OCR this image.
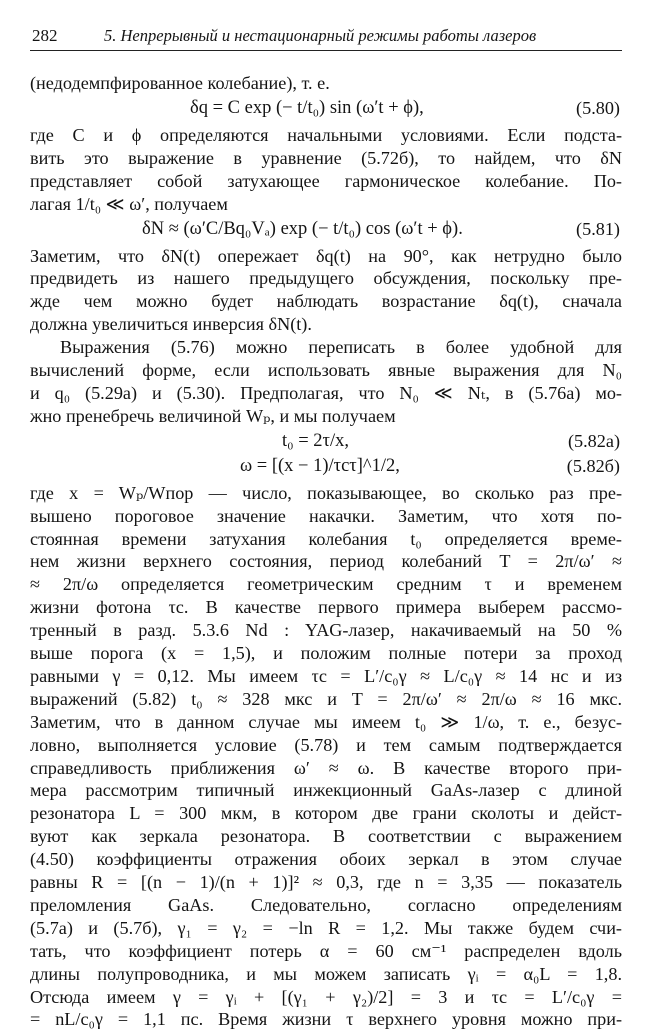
282	5. Непрерывный и нестационарный режимы работы лазеров
(недодемпфированное колебание), т. е.
δq = C exp (− t/t₀) sin (ω′t + ϕ),	(5.80)
где C и ϕ определяются начальными условиями. Если подста-
вить это выражение в уравнение (5.72б), то найдем, что δN
представляет собой затухающее гармоническое колебание. По-
лагая 1/t₀ ≪ ω′, получаем
δN ≈ (ω′C/Bq₀Vₐ) exp (− t/t₀) cos (ω′t + ϕ).	(5.81)
Заметим, что δN(t) опережает δq(t) на 90°, как нетрудно было
предвидеть из нашего предыдущего обсуждения, поскольку пре-
жде чем можно будет наблюдать возрастание δq(t), сначала
должна увеличиться инверсия δN(t).
Выражения (5.76) можно переписать в более удобной для
вычислений форме, если использовать явные выражения для N₀
и q₀ (5.29а) и (5.30). Предполагая, что N₀ ≪ Nₜ, в (5.76а) мо-
жно пренебречь величиной Wₚ, и мы получаем
t₀ = 2τ/x,	(5.82а)
ω = [(x − 1)/τcτ]^1/2,	(5.82б)
где x = Wₚ/Wпор — число, показывающее, во сколько раз пре-
вышено пороговое значение накачки. Заметим, что хотя по-
стоянная времени затухания колебания t₀ определяется време-
нем жизни верхнего состояния, период колебаний T = 2π/ω′ ≈
≈ 2π/ω определяется геометрическим средним τ и временем
жизни фотона τc. В качестве первого примера выберем рассмо-
тренный в разд. 5.3.6 Nd : YAG-лазер, накачиваемый на 50 %
выше порога (x = 1,5), и положим полные потери за проход
равными γ = 0,12. Мы имеем τc = L′/c₀γ ≈ L/c₀γ ≈ 14 нс и из
выражений (5.82) t₀ ≈ 328 мкс и T = 2π/ω′ ≈ 2π/ω ≈ 16 мкс.
Заметим, что в данном случае мы имеем t₀ ≫ 1/ω, т. е., безус-
ловно, выполняется условие (5.78) и тем самым подтверждается
справедливость приближения ω′ ≈ ω. В качестве второго при-
мера рассмотрим типичный инжекционный GaAs-лазер с длиной
резонатора L = 300 мкм, в котором две грани сколоты и дейст-
вуют как зеркала резонатора. В соответствии с выражением
(4.50) коэффициенты отражения обоих зеркал в этом случае
равны R = [(n − 1)/(n + 1)]² ≈ 0,3, где n = 3,35 — показатель
преломления GaAs. Следовательно, согласно определениям
(5.7а) и (5.7б), γ₁ = γ₂ = −ln R = 1,2. Мы также будем счи-
тать, что коэффициент потерь α = 60 см⁻¹ распределен вдоль
длины полупроводника, и мы можем записать γᵢ = α₀L = 1,8.
Отсюда имеем γ = γᵢ + [(γ₁ + γ₂)/2] = 3 и τc = L′/c₀γ =
= nL/c₀γ = 1,1 пс. Время жизни τ верхнего уровня можно при-
